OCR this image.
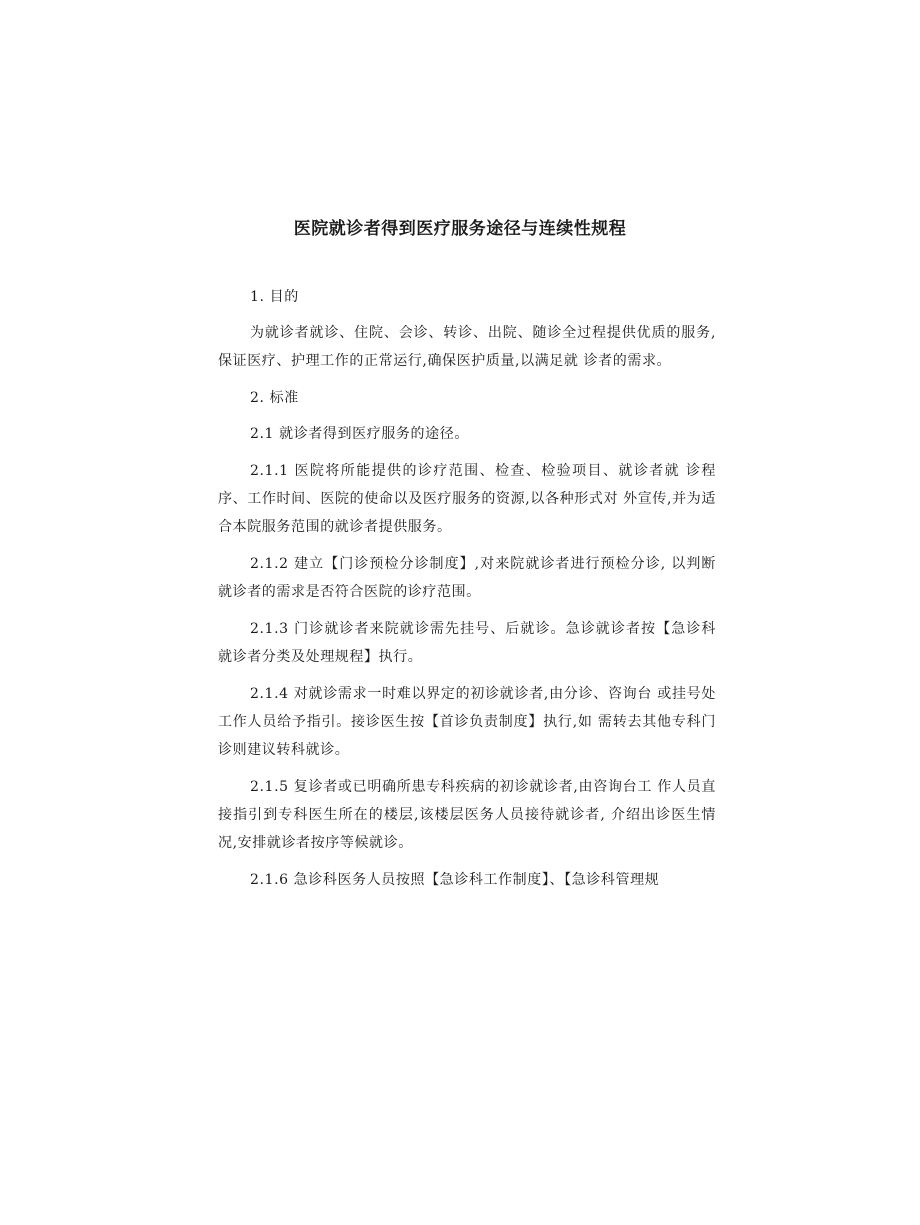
医院就诊者得到医疗服务途径与连续性规程

1. 目的

为就诊者就诊、住院、会诊、转诊、出院、随诊全过程提供优质的服务,保证医疗、护理工作的正常运行,确保医护质量,以满足就 诊者的需求。

2. 标准

2.1 就诊者得到医疗服务的途径。

2.1.1 医院将所能提供的诊疗范围、检查、检验项目、就诊者就 诊程序、工作时间、医院的使命以及医疗服务的资源,以各种形式对 外宣传,并为适合本院服务范围的就诊者提供服务。

2.1.2 建立【门诊预检分诊制度】,对来院就诊者进行预检分诊, 以判断就诊者的需求是否符合医院的诊疗范围。

2.1.3 门诊就诊者来院就诊需先挂号、后就诊。急诊就诊者按【急诊科就诊者分类及处理规程】执行。

2.1.4 对就诊需求一时难以界定的初诊就诊者,由分诊、咨询台 或挂号处工作人员给予指引。接诊医生按【首诊负责制度】执行,如 需转去其他专科门诊则建议转科就诊。

2.1.5 复诊者或已明确所患专科疾病的初诊就诊者,由咨询台工 作人员直接指引到专科医生所在的楼层,该楼层医务人员接待就诊者, 介绍出诊医生情况,安排就诊者按序等候就诊。

2.1.6 急诊科医务人员按照【急诊科工作制度】、【急诊科管理规
